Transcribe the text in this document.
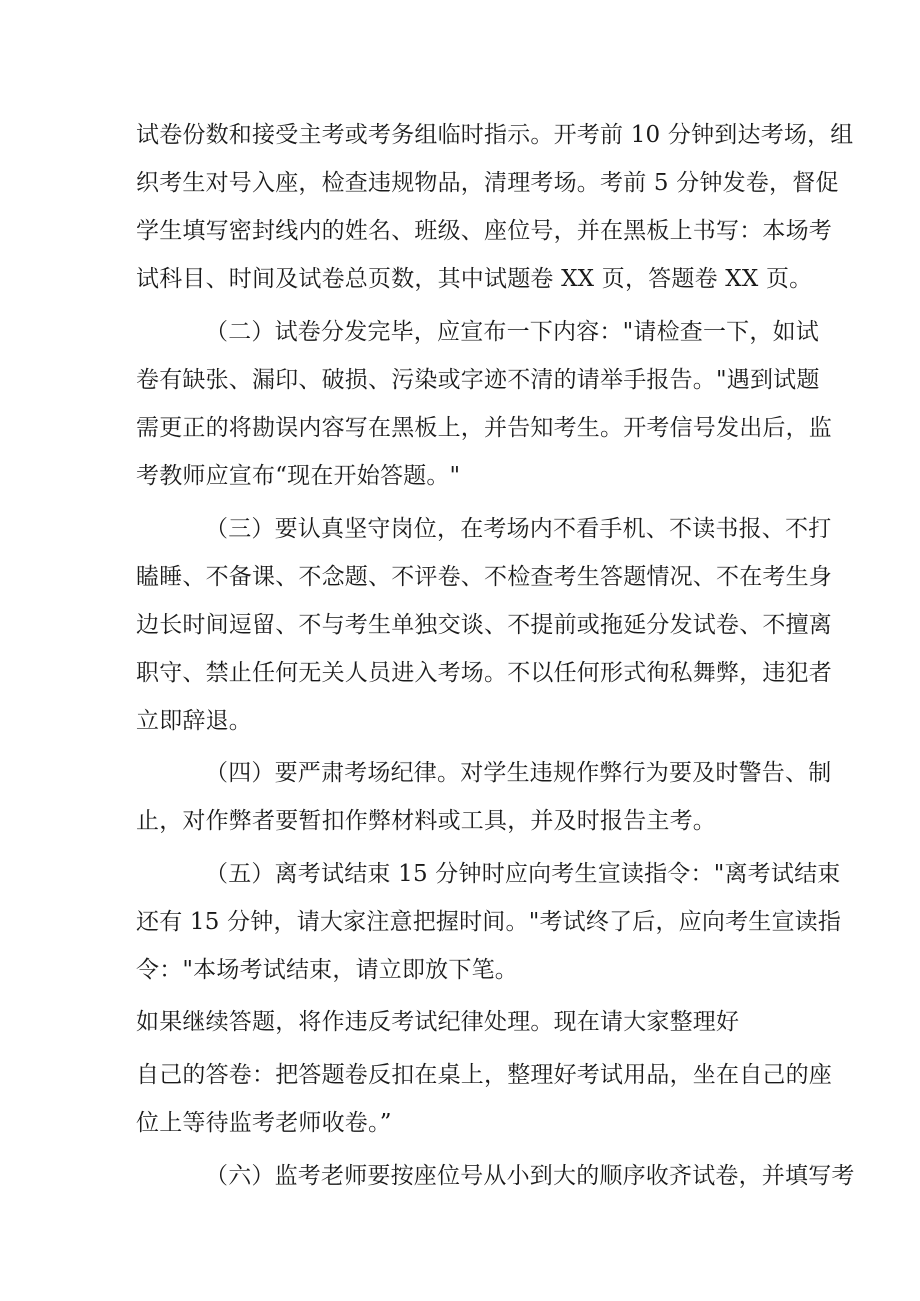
试卷份数和接受主考或考务组临时指示。开考前 10 分钟到达考场，组
织考生对号入座，检查违规物品，清理考场。考前 5 分钟发卷，督促
学生填写密封线内的姓名、班级、座位号，并在黑板上书写：本场考
试科目、时间及试卷总页数，其中试题卷 XX 页，答题卷 XX 页。
（二）试卷分发完毕，应宣布一下内容："请检查一下，如试
卷有缺张、漏印、破损、污染或字迹不清的请举手报告。"遇到试题
需更正的将勘误内容写在黑板上，并告知考生。开考信号发出后，监
考教师应宣布“现在开始答题。"
（三）要认真坚守岗位，在考场内不看手机、不读书报、不打
瞌睡、不备课、不念题、不评卷、不检查考生答题情况、不在考生身
边长时间逗留、不与考生单独交谈、不提前或拖延分发试卷、不擅离
职守、禁止任何无关人员进入考场。不以任何形式徇私舞弊，违犯者
立即辞退。
（四）要严肃考场纪律。对学生违规作弊行为要及时警告、制
止，对作弊者要暂扣作弊材料或工具，并及时报告主考。
（五）离考试结束 15 分钟时应向考生宣读指令："离考试结束
还有 15 分钟，请大家注意把握时间。"考试终了后，应向考生宣读指
令："本场考试结束，请立即放下笔。
如果继续答题，将作违反考试纪律处理。现在请大家整理好
自己的答卷：把答题卷反扣在桌上，整理好考试用品，坐在自己的座
位上等待监考老师收卷。”
（六）监考老师要按座位号从小到大的顺序收齐试卷，并填写考
